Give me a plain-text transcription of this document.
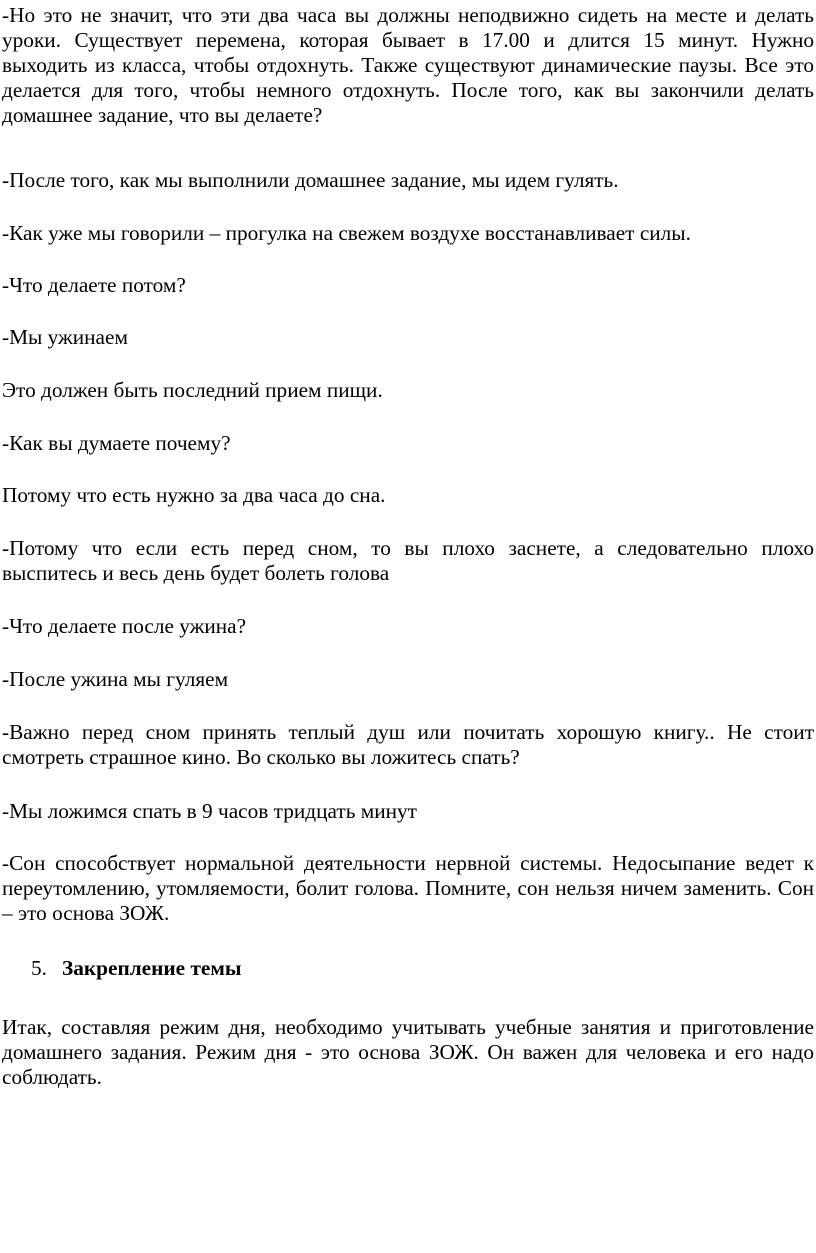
-Но это не значит, что эти два часа вы должны неподвижно сидеть на месте и делать уроки. Существует перемена, которая бывает в 17.00 и длится 15 минут. Нужно выходить из класса, чтобы отдохнуть. Также существуют динамические паузы. Все это делается для того, чтобы немного отдохнуть. После того, как вы закончили делать домашнее задание, что вы делаете?

-После того, как мы выполнили домашнее задание, мы идем гулять.

-Как уже мы говорили – прогулка на свежем воздухе восстанавливает силы.

-Что делаете потом?

-Мы ужинаем

Это должен быть последний прием пищи.

-Как вы думаете почему?

Потому что есть нужно за два часа до сна.

-Потому что если есть перед сном, то вы плохо заснете, а следовательно плохо выспитесь и весь день будет болеть голова

-Что делаете после ужина?

-После ужина мы гуляем

-Важно перед сном принять теплый душ или почитать хорошую книгу.. Не стоит смотреть страшное кино. Во сколько вы ложитесь спать?

-Мы ложимся спать в 9 часов тридцать минут

-Сон способствует нормальной деятельности нервной системы. Недосыпание ведет к переутомлению, утомляемости, болит голова. Помните, сон нельзя ничем заменить. Сон – это основа ЗОЖ.

5. Закрепление темы

Итак, составляя режим дня, необходимо учитывать учебные занятия и приготовление домашнего задания. Режим дня - это основа ЗОЖ. Он важен для человека и его надо соблюдать.
